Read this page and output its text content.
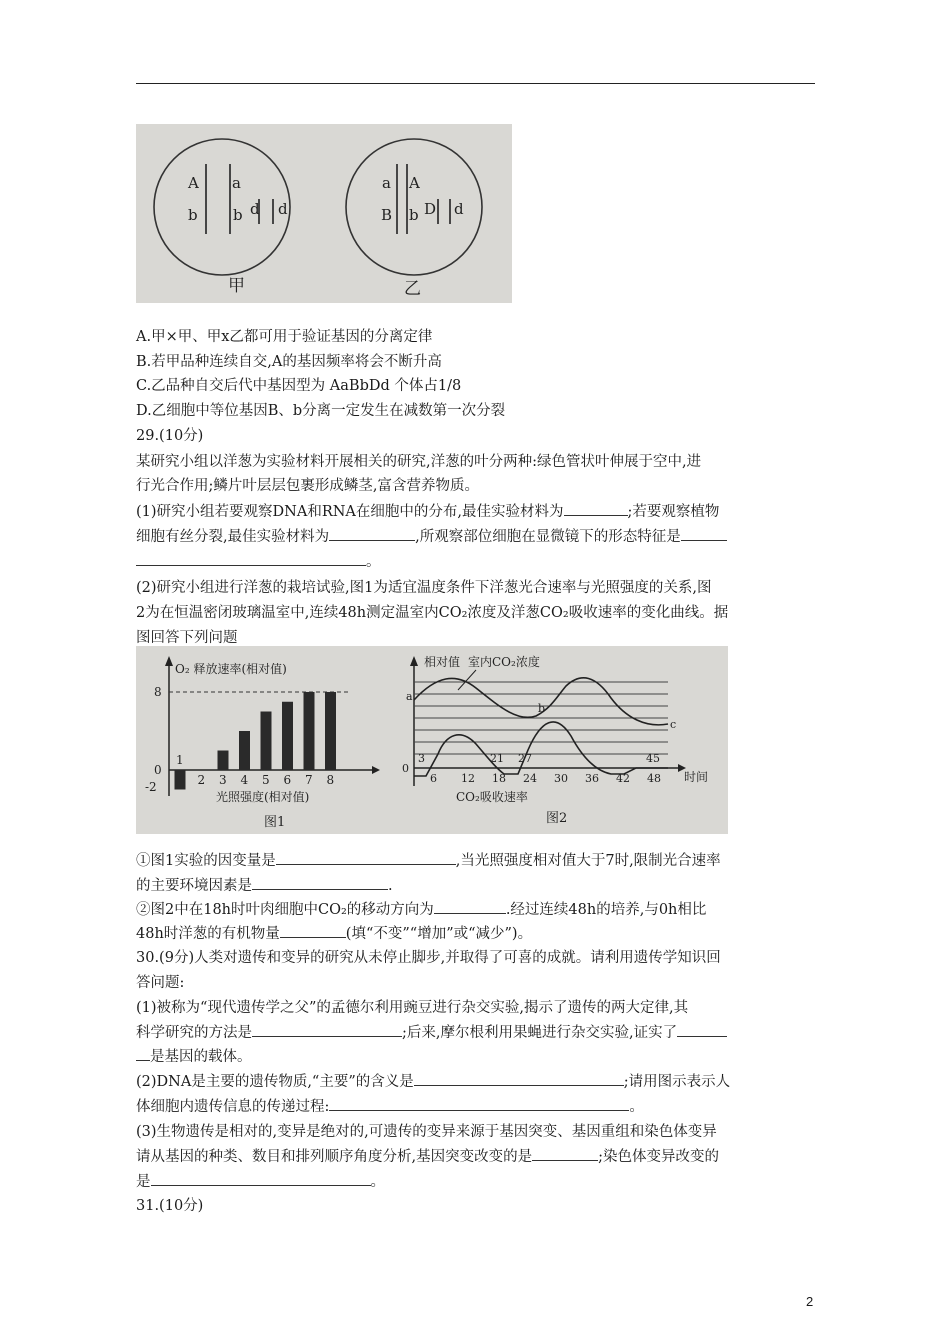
A a
b b d d
a A
B b D d
甲	乙
A.甲×甲、甲x乙都可用于验证基因的分离定律
B.若甲品种连续自交,A的基因频率将会不断升高
C.乙品种自交后代中基因型为 AaBbDd 个体占1/8
D.乙细胞中等位基因B、b分离一定发生在减数第一次分裂
29.(10分)
某研究小组以洋葱为实验材料开展相关的研究,洋葱的叶分两种:绿色管状叶伸展于空中,进
行光合作用;鳞片叶层层包裹形成鳞茎,富含营养物质。
(1)研究小组若要观察DNA和RNA在细胞中的分布,最佳实验材料为	;若要观察植物
细胞有丝分裂,最佳实验材料为	,所观察部位细胞在显微镜下的形态特征是
。
(2)研究小组进行洋葱的栽培试验,图1为适宜温度条件下洋葱光合速率与光照强度的关系,图
2为在恒温密闭玻璃温室中,连续48h测定温室内CO₂浓度及洋葱CO₂吸收速率的变化曲线。据
图回答下列问题
O₂ 释放速率(相对值)
8
0
-2
1
2 3 4 5 6 7 8
光照强度(相对值)
图1
相对值 室内CO₂浓度
a
b
c
0
3	21 27	45
6 12 18 24 30 36 42 48 时间
CO₂吸收速率
图2
①图1实验的因变量是	,当光照强度相对值大于7时,限制光合速率
的主要环境因素是	.
②图2中在18h时叶肉细胞中CO₂的移动方向为	.经过连续48h的培养,与0h相比
48h时洋葱的有机物量	(填“不变”“增加”或“减少”)。
30.(9分)人类对遗传和变异的研究从未停止脚步,并取得了可喜的成就。请利用遗传学知识回
答问题:
(1)被称为“现代遗传学之父”的孟德尔利用豌豆进行杂交实验,揭示了遗传的两大定律,其
科学研究的方法是	;后来,摩尔根利用果蝇进行杂交实验,证实了
是基因的载体。
(2)DNA是主要的遗传物质,“主要”的含义是	;请用图示表示人
体细胞内遗传信息的传递过程:	。
(3)生物遗传是相对的,变异是绝对的,可遗传的变异来源于基因突变、基因重组和染色体变异
请从基因的种类、数目和排列顺序角度分析,基因突变改变的是	;染色体变异改变的
是	。
31.(10分)
2
